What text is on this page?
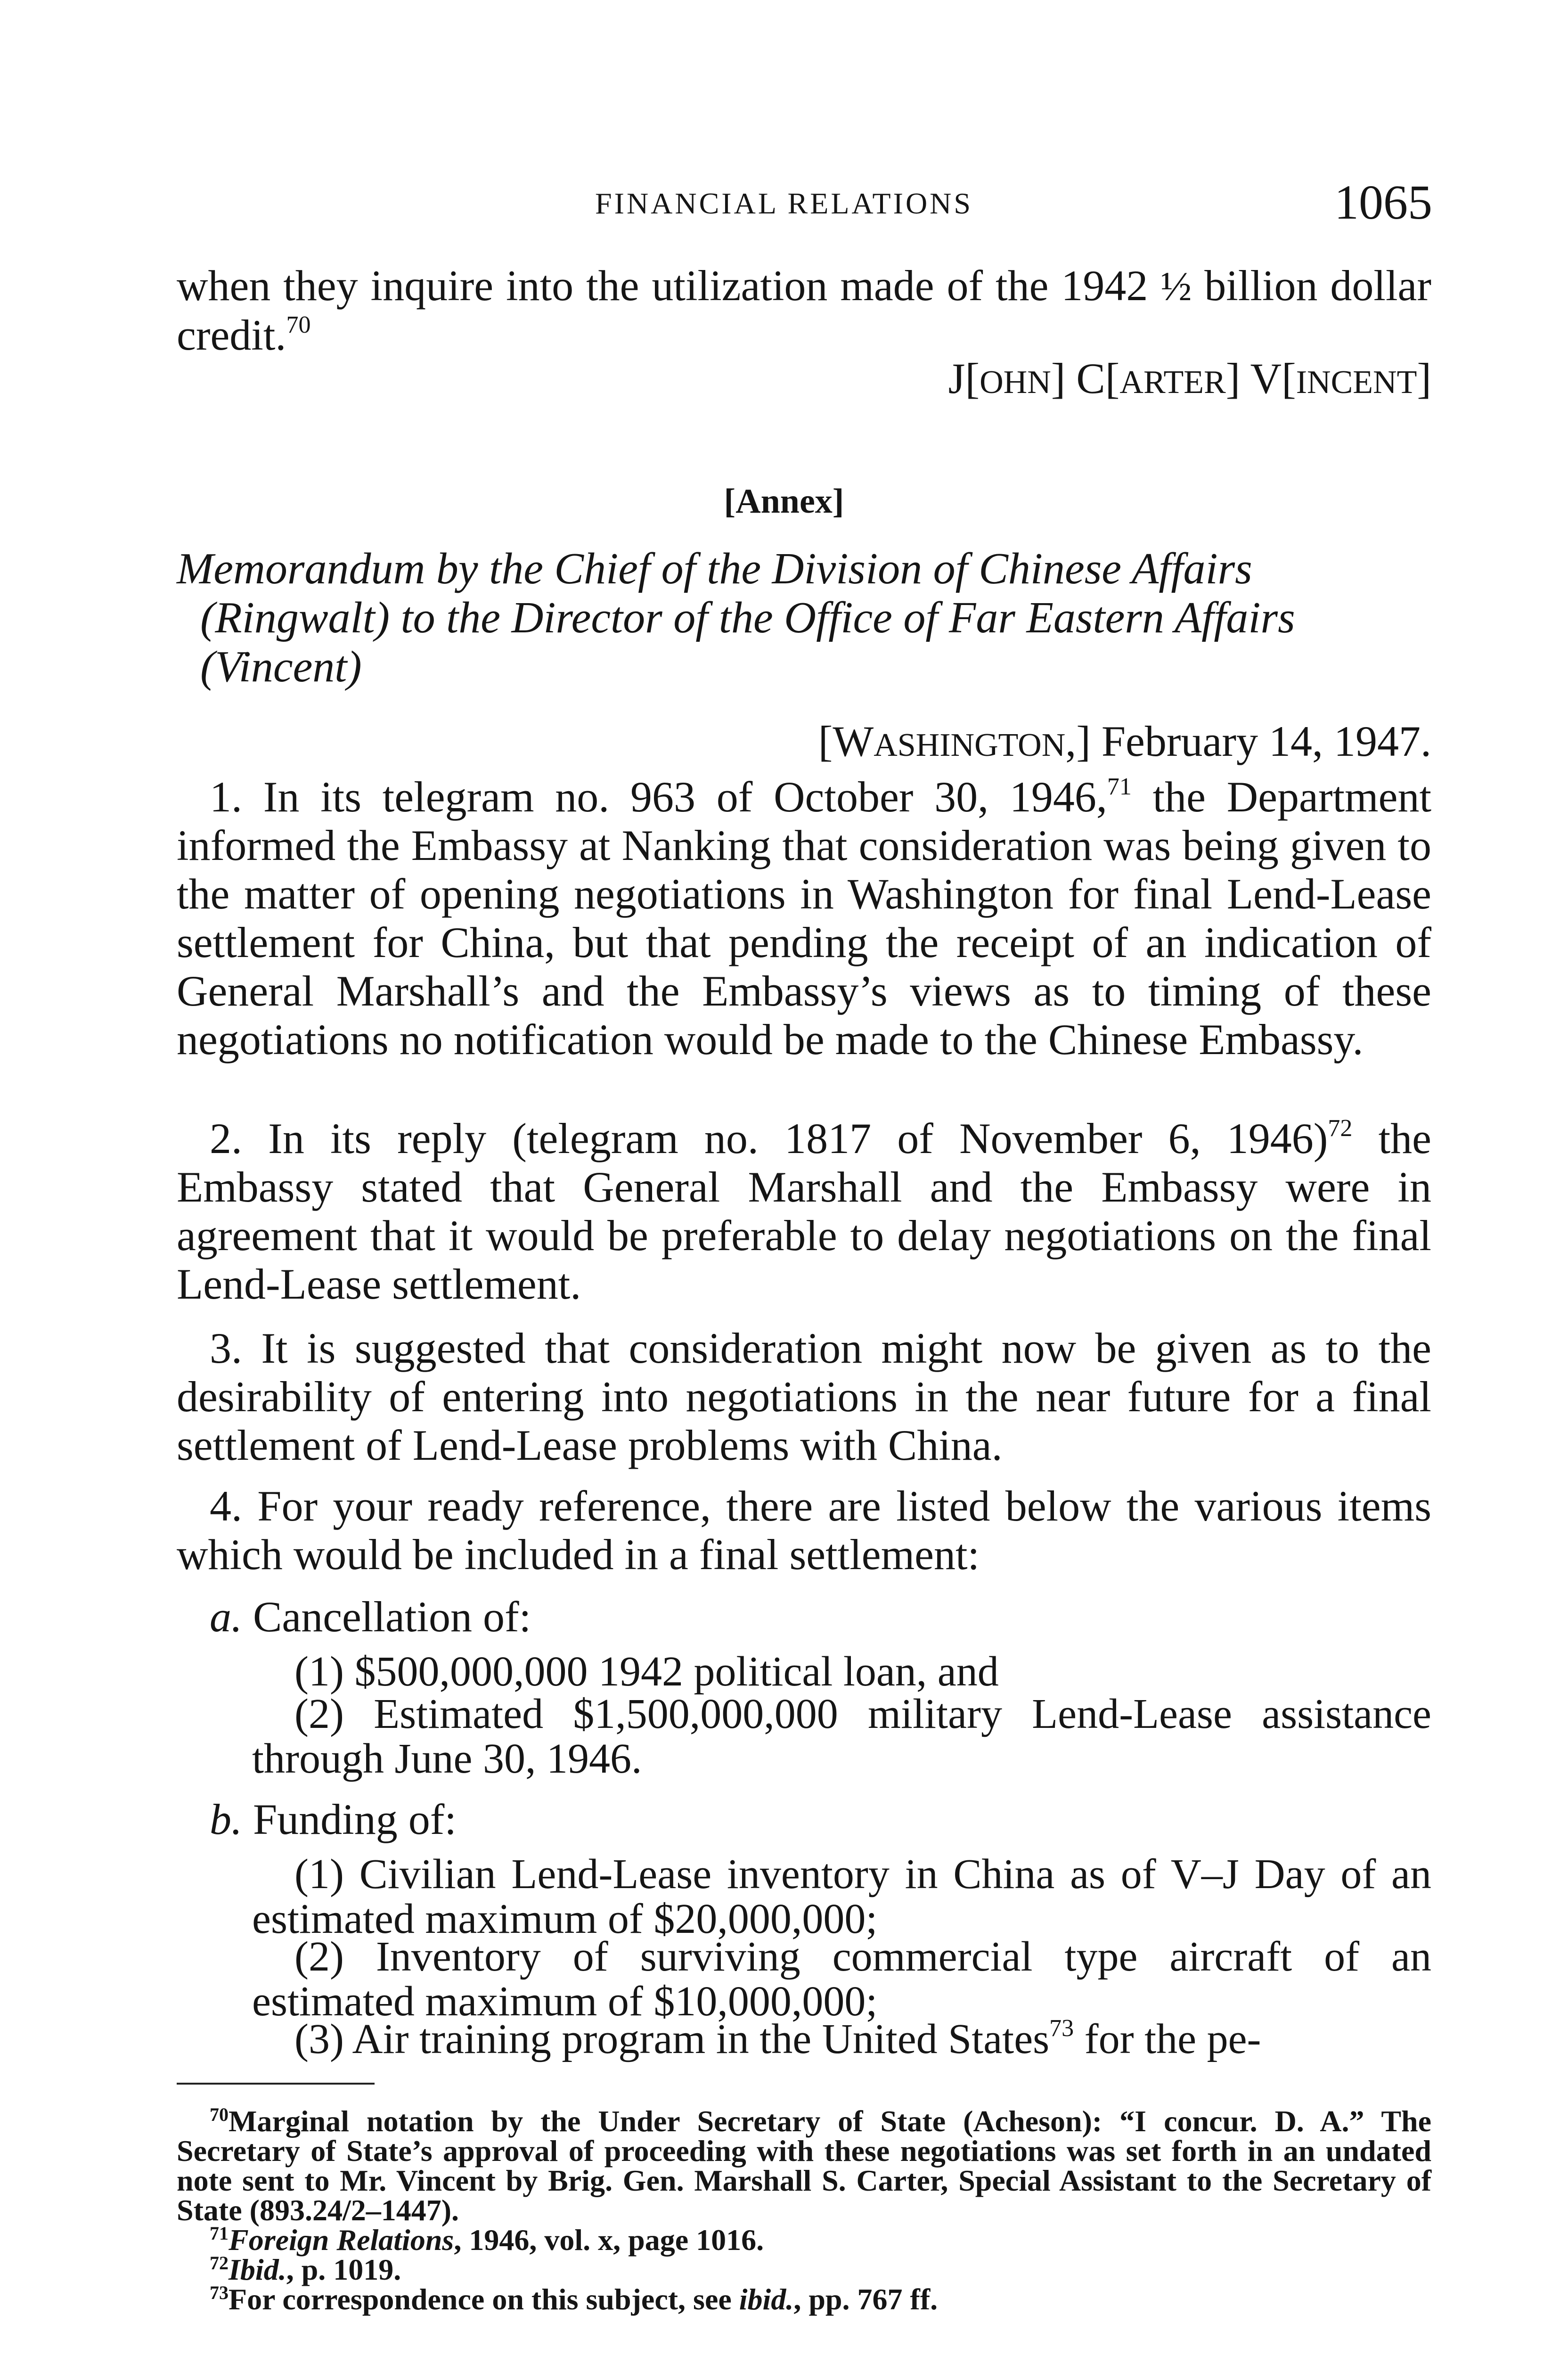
FINANCIAL RELATIONS	1065

when they inquire into the utilization made of the 1942 ½ billion dollar credit.$^{70}$

J[OHN] C[ARTER] V[INCENT]
[Annex]
Memorandum by the Chief of the Division of Chinese Affairs
(Ringwalt) to the Director of the Office of Far Eastern Affairs
(Vincent)
[WASHINGTON,] February 14, 1947.

1. In its telegram no. 963 of October 30, 1946,71 the Department informed the Embassy at Nanking that consideration was being given to the matter of opening negotiations in Washington for final Lend-Lease settlement for China, but that pending the receipt of an indication of General Marshall’s and the Embassy’s views as to timing of these negotiations no notification would be made to the Chinese Embassy.

2. In its reply (telegram no. 1817 of November 6, 1946)$^{72}$ the Embassy stated that General Marshall and the Embassy were in agreement that it would be preferable to delay negotiations on the final Lend-Lease settlement.

3. It is suggested that consideration might now be given as to the desirability of entering into negotiations in the near future for a final settlement of Lend-Lease problems with China.

4. For your ready reference, there are listed below the various items which would be included in a final settlement:

a. Cancellation of:
(1) $500,000,000 1942 political loan, and
(2) Estimated $1,500,000,000 military Lend-Lease assistance through June 30, 1946.
b. Funding of:
(1) Civilian Lend-Lease inventory in China as of V–J Day of an estimated maximum of $20,000,000;
(2) Inventory of surviving commercial type aircraft of an estimated maximum of $10,000,000;
(3) Air training program in the United States$^{73}$ for the pe-

$^{70}$Marginal notation by the Under Secretary of State (Acheson): “I concur. D. A.” The Secretary of State’s approval of proceeding with these negotiations was set forth in an undated note sent to Mr. Vincent by Brig. Gen. Marshall S. Carter, Special Assistant to the Secretary of State (893.24/2–1447).

$^{71}$Foreign Relations, 1946, vol. x, page 1016.

$^{72}$Ibid., p. 1019.

$^{73}$For correspondence on this subject, see ibid., pp. 767 ff.
